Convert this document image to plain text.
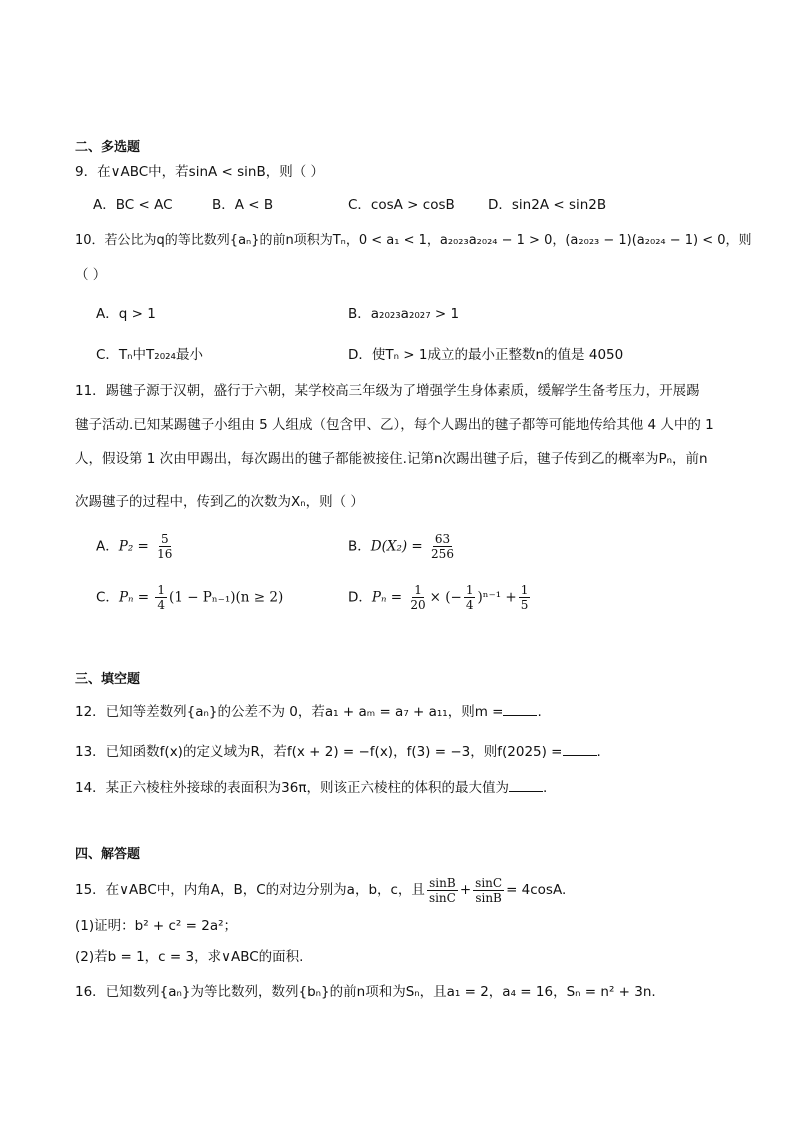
二、多选题
9．在∨ABC中，若sinA < sinB，则（ ）
A．BC < AC	B．A < B	C．cosA > cosB D．sin2A < sin2B
10．若公比为q的等比数列{aₙ}的前n项积为Tₙ，0 < a₁ < 1，a₂₀₂₃a₂₀₂₄ − 1 > 0，(a₂₀₂₃ − 1)(a₂₀₂₄ − 1) < 0，则
（ ）
A．q > 1	B．a₂₀₂₃a₂₀₂₇ > 1
C．Tₙ中T₂₀₂₄最小	D．使Tₙ > 1成立的最小正整数n的值是 4050
11．踢毽子源于汉朝，盛行于六朝，某学校高三年级为了增强学生身体素质，缓解学生备考压力，开展踢
毽子活动.已知某踢毽子小组由 5 人组成（包含甲、乙），每个人踢出的毽子都等可能地传给其他 4 人中的 1
人，假设第 1 次由甲踢出，每次踢出的毽子都能被接住.记第n次踢出毽子后，毽子传到乙的概率为Pₙ，前n
次踢毽子的过程中，传到乙的次数为Xₙ，则（ ）
A．$P_2 = \frac{5}{16}$	B．$D(X_2) = \frac{63}{256}$
C．$P_n = \frac{1}{4} (1 - P_{n-1})(n \ge 2)$	D．$P_n = \frac{1}{20}$ × (− $\frac{1}{4} )^{n-1} + \frac{1}{5}$
三、填空题
12．已知等差数列{aₙ}的公差不为 0，若a₁ + aₘ = a₇ + a₁₁，则m =	.
13．已知函数f(x)的定义域为R，若f(x + 2) = −f(x)，f(3) = −3，则f(2025) =	.
14．某正六棱柱外接球的表面积为36π，则该正六棱柱的体积的最大值为	.
四、解答题
15．在∨ABC中，内角A，B，C的对边分别为a，b，c，且 $\frac{\sin B}{\sin C} + \frac{\sin C}{\sin B} = 4\cos A$.
(1)证明：b² + c² = 2a²；
(2)若b = 1，c = 3，求∨ABC的面积.
16．已知数列{aₙ}为等比数列，数列{bₙ}的前n项和为Sₙ，且a₁ = 2，a₄ = 16，Sₙ = n² + 3n.
